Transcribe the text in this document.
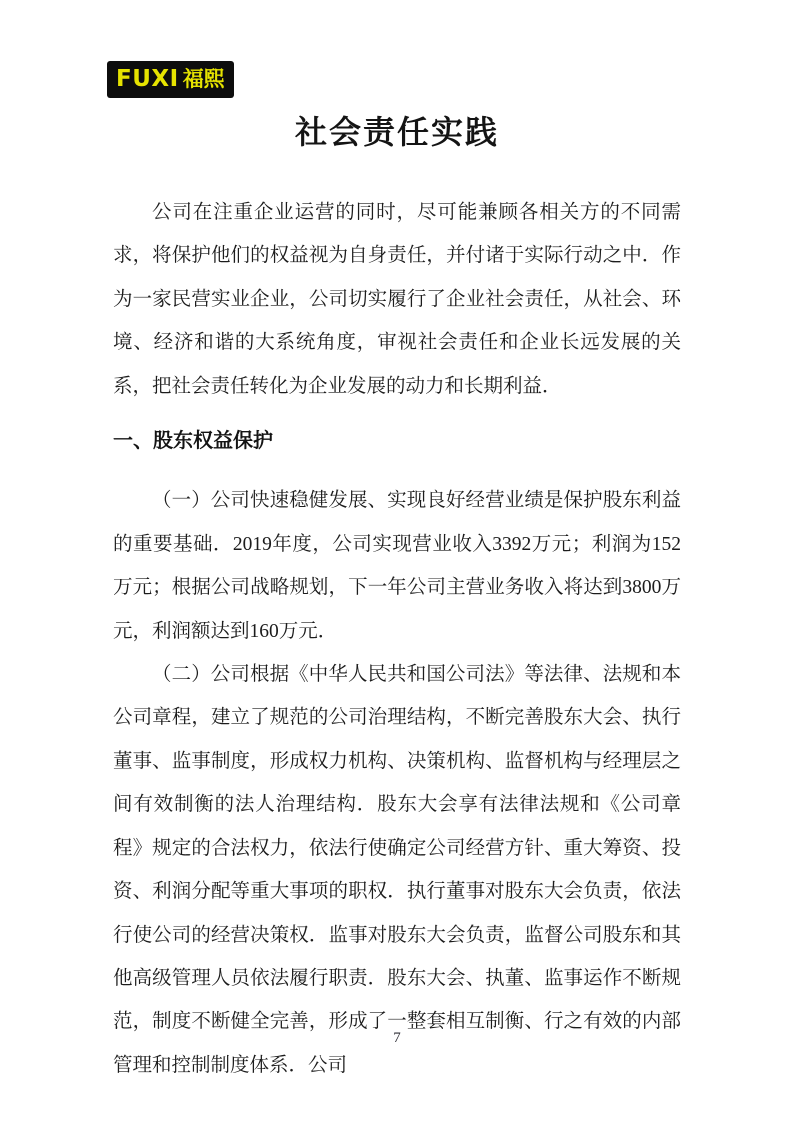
FUXI 福熙
社会责任实践

公司在注重企业运营的同时，尽可能兼顾各相关方的不同需求，将保护他们的权益视为自身责任，并付诸于实际行动之中．作为一家民营实业企业，公司切实履行了企业社会责任，从社会、环境、经济和谐的大系统角度，审视社会责任和企业长远发展的关系，把社会责任转化为企业发展的动力和长期利益．

一、股东权益保护

（一）公司快速稳健发展、实现良好经营业绩是保护股东利益的重要基础．2019年度，公司实现营业收入3392万元；利润为152万元；根据公司战略规划，下一年公司主营业务收入将达到3800万元，利润额达到160万元．

（二）公司根据《中华人民共和国公司法》等法律、法规和本公司章程，建立了规范的公司治理结构，不断完善股东大会、执行董事、监事制度，形成权力机构、决策机构、监督机构与经理层之间有效制衡的法人治理结构．股东大会享有法律法规和《公司章程》规定的合法权力，依法行使确定公司经营方针、重大筹资、投资、利润分配等重大事项的职权．执行董事对股东大会负责，依法行使公司的经营决策权．监事对股东大会负责，监督公司股东和其他高级管理人员依法履行职责．股东大会、执董、监事运作不断规范，制度不断健全完善，形成了一整套相互制衡、行之有效的内部管理和控制制度体系．公司

7
